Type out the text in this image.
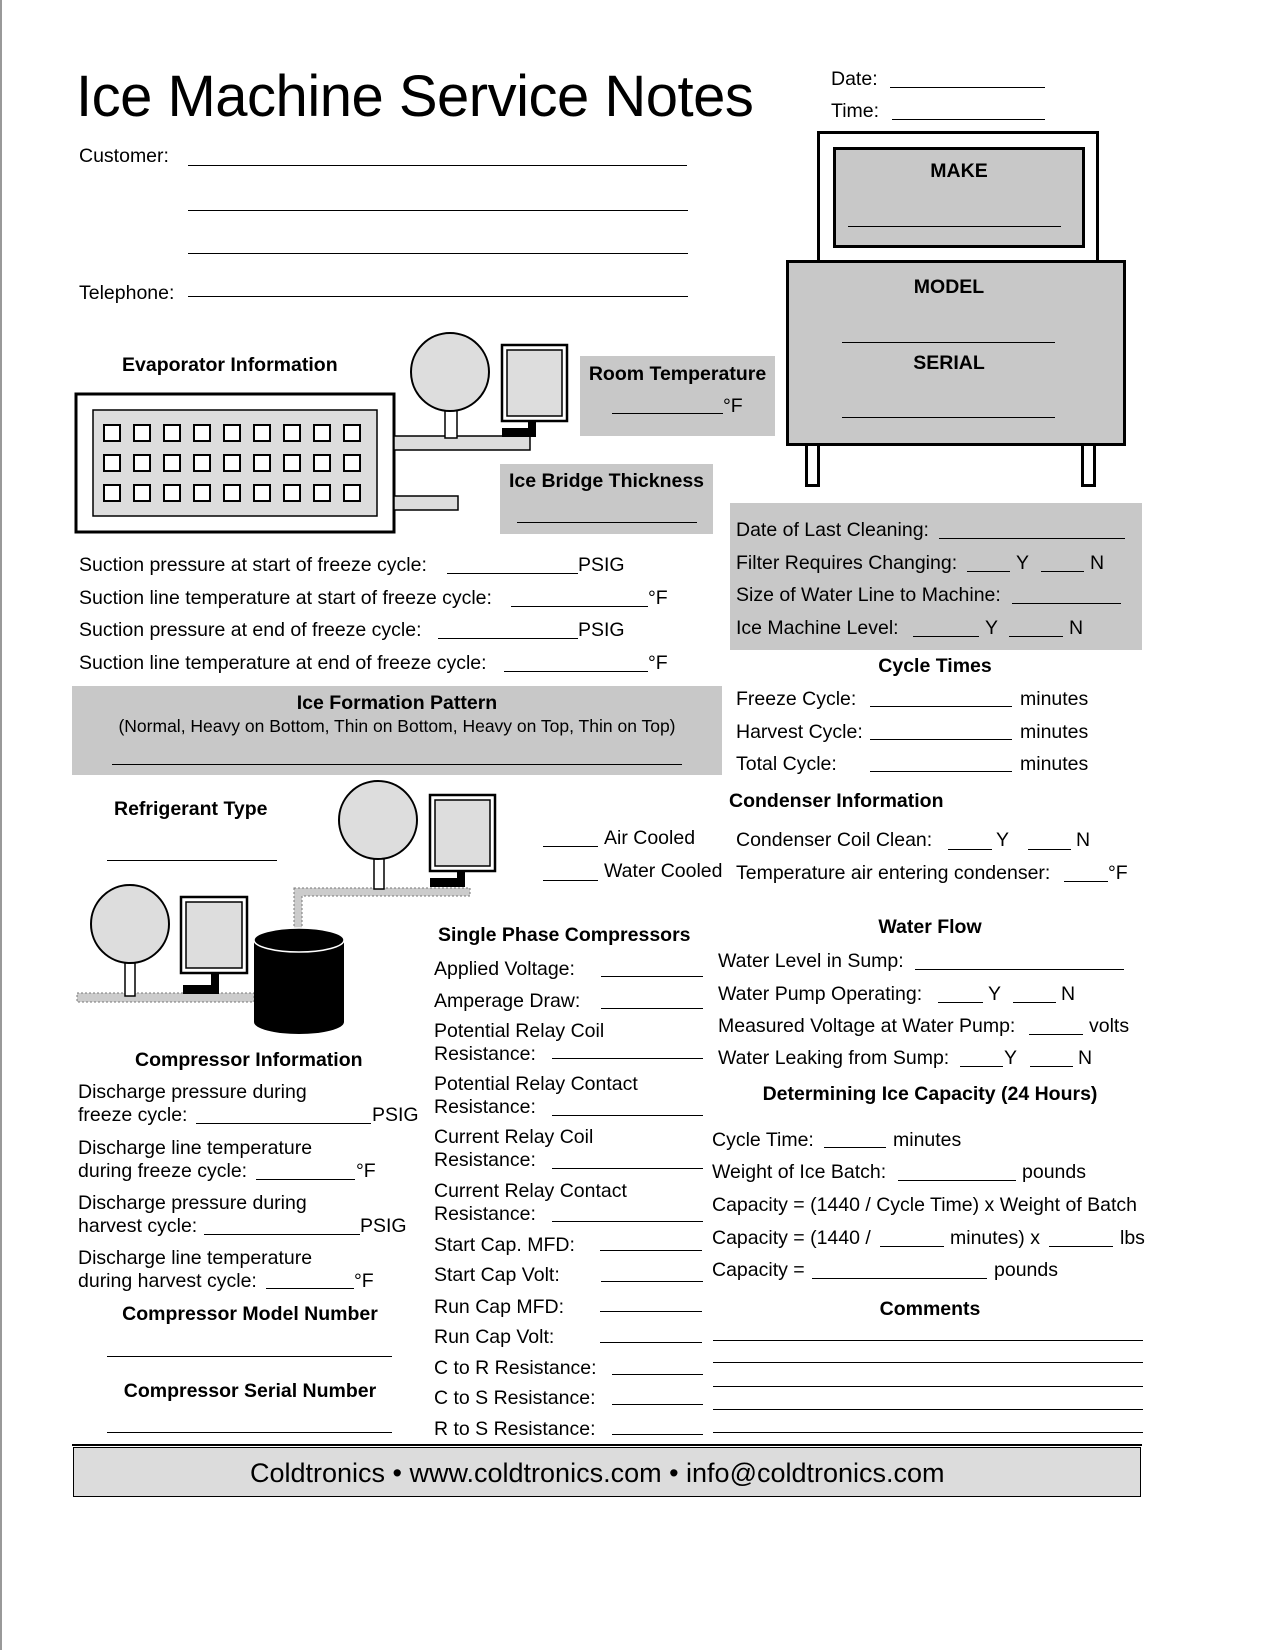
Ice Machine Service Notes	Date:
Time:
Customer:
Telephone:
MAKE
MODEL
SERIAL
Evaporator Information	Room Temperature
°F
Ice Bridge Thickness
Date of Last Cleaning:
Filter Requires Changing:	Y	N
Size of Water Line to Machine:
Ice Machine Level:	Y	N
Suction pressure at start of freeze cycle:	PSIG
Suction line temperature at start of freeze cycle:	°F
Suction pressure at end of freeze cycle:	PSIG
Suction line temperature at end of freeze cycle:	°F	Cycle Times
Freeze Cycle:	minutes
Harvest Cycle:	minutes
Total Cycle:	minutes
Ice Formation Pattern
(Normal, Heavy on Bottom, Thin on Bottom, Heavy on Top, Thin on Top)
Refrigerant Type
Air Cooled
Water Cooled
Condenser Information
Condenser Coil Clean:	Y	N
Temperature air entering condenser:	°F
Single Phase Compressors
Applied Voltage:
Amperage Draw:
Potential Relay Coil
Resistance:
Potential Relay Contact
Resistance:
Current Relay Coil
Resistance:
Current Relay Contact
Resistance:
Start Cap. MFD:
Start Cap Volt:
Run Cap MFD:
Run Cap Volt:
C to R Resistance:
C to S Resistance:
R to S Resistance:
Water Flow
Water Level in Sump:
Water Pump Operating:	Y	N
Measured Voltage at Water Pump:	volts
Water Leaking from Sump:	Y	N
Compressor Information
Discharge pressure during
freeze cycle:	PSIG
Discharge line temperature
during freeze cycle:	°F
Discharge pressure during
harvest cycle:	PSIG
Discharge line temperature
during harvest cycle:	°F
Compressor Model Number
Compressor Serial Number
Determining Ice Capacity (24 Hours)
Cycle Time:	minutes
Weight of Ice Batch:	pounds
Capacity = (1440 / Cycle Time) x Weight of Batch
Capacity = (1440 /	minutes) x	lbs
Capacity =	pounds
Comments
Coldtronics • www.coldtronics.com • info@coldtronics.com
